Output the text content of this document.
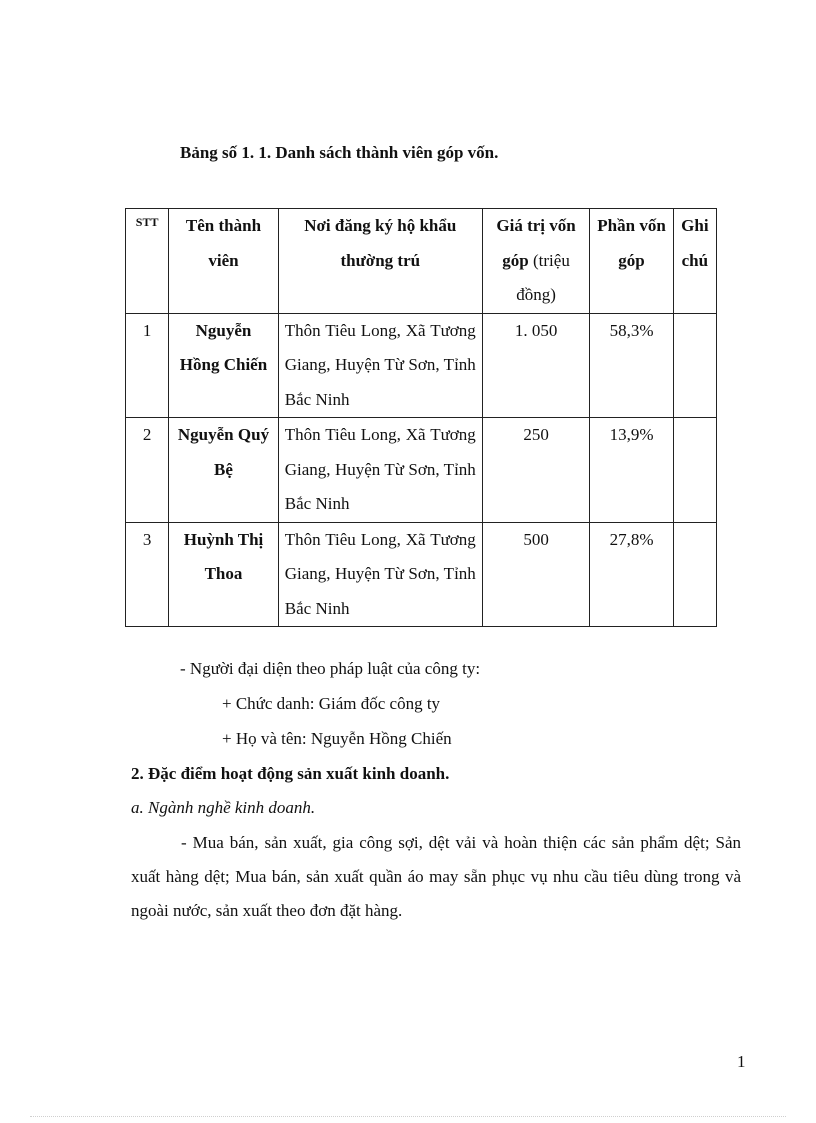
Bảng số 1. 1. Danh sách thành viên góp vốn.
STT	Tên thành viên	Nơi đăng ký hộ khẩu thường trú	Giá trị vốn góp (triệu đồng)	Phần vốn góp	Ghi chú
1	Nguyễn Hồng Chiến	Thôn Tiêu Long, Xã Tương Giang, Huyện Từ Sơn, Tỉnh Bắc Ninh	1. 050	58,3%	
2	Nguyễn Quý Bệ	Thôn Tiêu Long, Xã Tương Giang, Huyện Từ Sơn, Tỉnh Bắc Ninh	250	13,9%	
3	Huỳnh Thị Thoa	Thôn Tiêu Long, Xã Tương Giang, Huyện Từ Sơn, Tỉnh Bắc Ninh	500	27,8%	
- Người đại diện theo pháp luật của công ty:
+ Chức danh: Giám đốc công ty
+ Họ và tên: Nguyễn Hồng Chiến
2. Đặc điểm hoạt động sản xuất kinh doanh.
a. Ngành nghề kinh doanh.
- Mua bán, sản xuất, gia công sợi, dệt vải và hoàn thiện các sản phẩm dệt; Sản xuất hàng dệt; Mua bán, sản xuất quần áo may sẵn phục vụ nhu cầu tiêu dùng trong và ngoài nước, sản xuất theo đơn đặt hàng.
1
